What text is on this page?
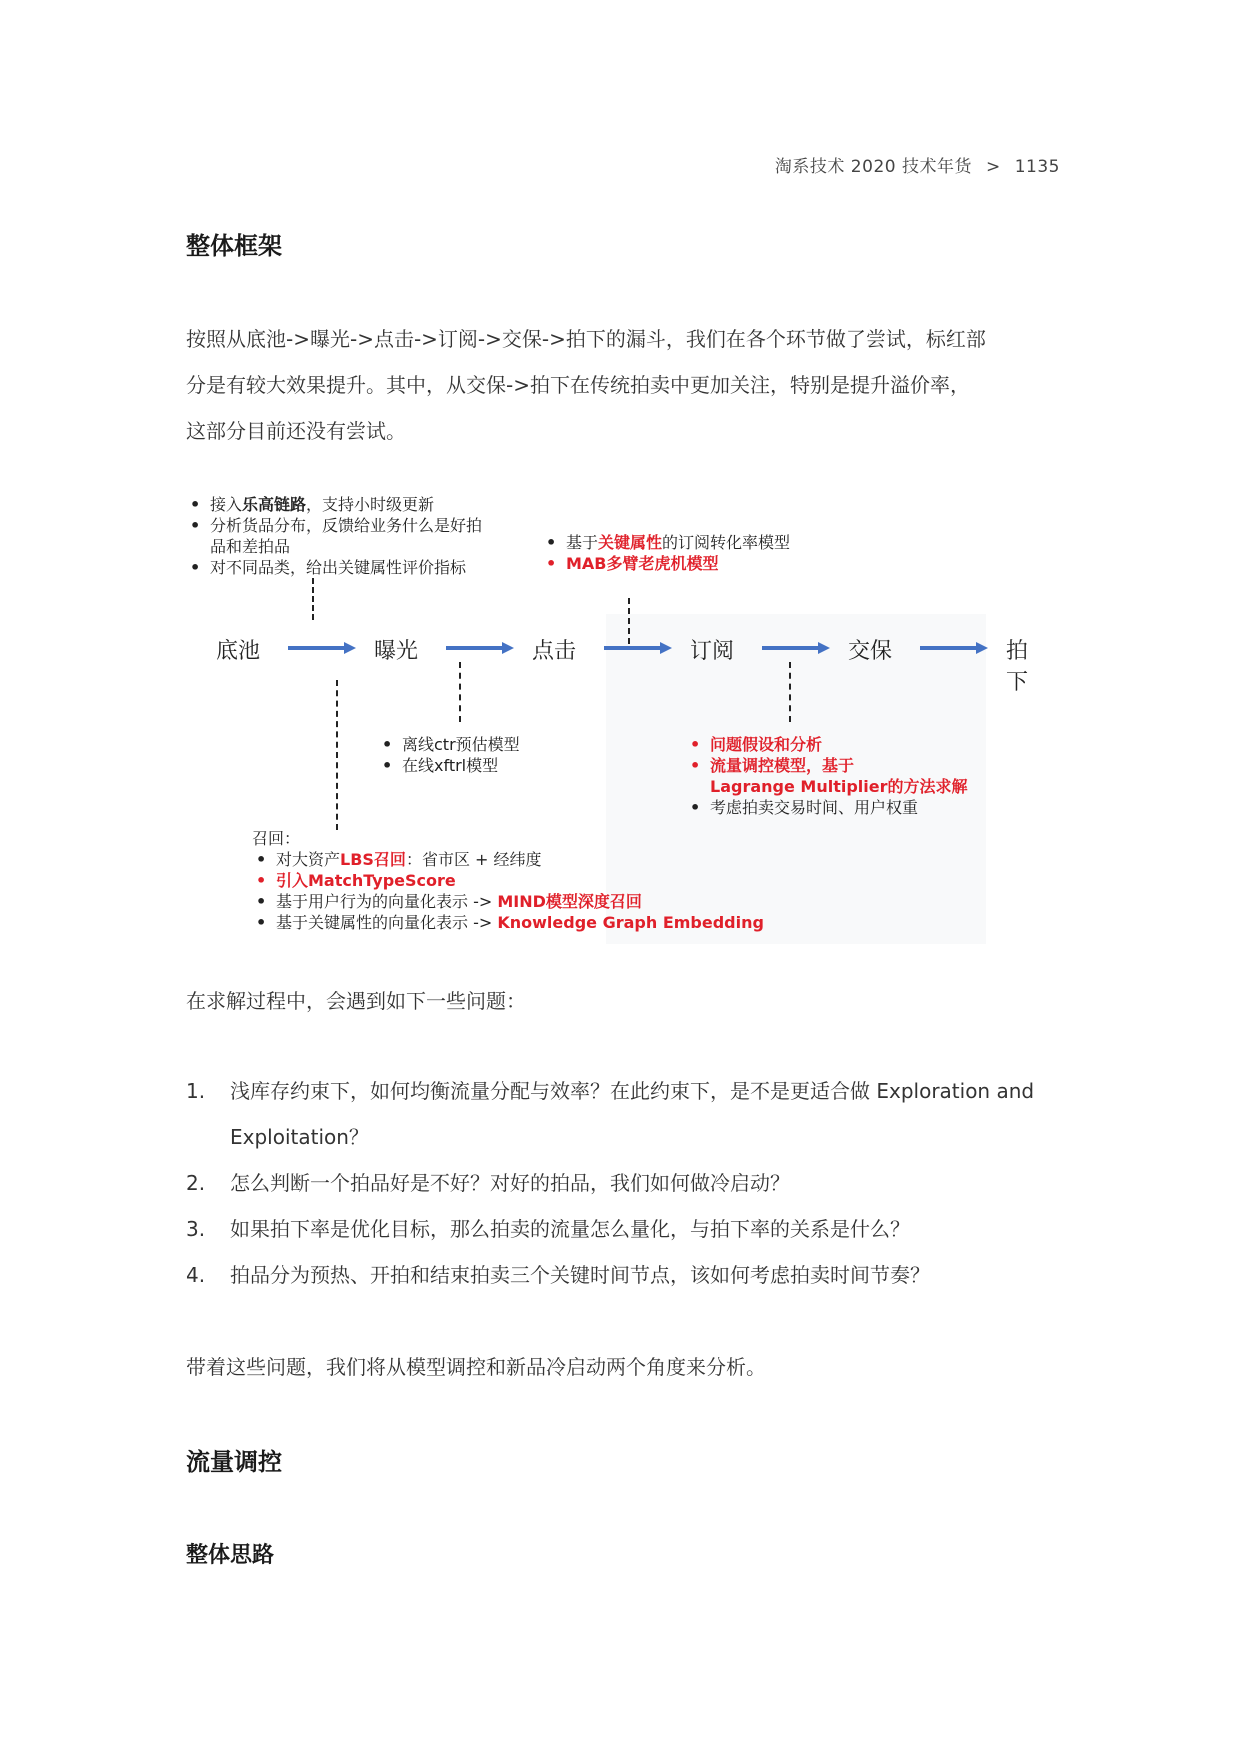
淘系技术 2020 技术年货 > 1135
整体框架
按照从底池->曝光->点击->订阅->交保->拍下的漏斗，我们在各个环节做了尝试，标红部
分是有较大效果提升。其中，从交保->拍下在传统拍卖中更加关注，特别是提升溢价率，
这部分目前还没有尝试。
• 接入乐高链路，支持小时级更新
• 分析货品分布，反馈给业务什么是好拍
品和差拍品
• 对不同品类，给出关键属性评价指标
• 基于关键属性的订阅转化率模型
• MAB多臂老虎机模型
底池	曝光	点击	订阅	交保	拍下
• 离线ctr预估模型
• 在线xftrl模型
• 问题假设和分析
• 流量调控模型，基于
Lagrange Multiplier的方法求解
• 考虑拍卖交易时间、用户权重
召回：
• 对大资产LBS召回：省市区 + 经纬度
• 引入MatchTypeScore
• 基于用户行为的向量化表示 -> MIND模型深度召回
• 基于关键属性的向量化表示 -> Knowledge Graph Embedding
在求解过程中，会遇到如下一些问题：
1. 浅库存约束下，如何均衡流量分配与效率？在此约束下，是不是更适合做 Exploration and Exploitation？
2. 怎么判断一个拍品好是不好？对好的拍品，我们如何做冷启动？
3. 如果拍下率是优化目标，那么拍卖的流量怎么量化，与拍下率的关系是什么？
4. 拍品分为预热、开拍和结束拍卖三个关键时间节点，该如何考虑拍卖时间节奏？
带着这些问题，我们将从模型调控和新品冷启动两个角度来分析。
流量调控
整体思路
